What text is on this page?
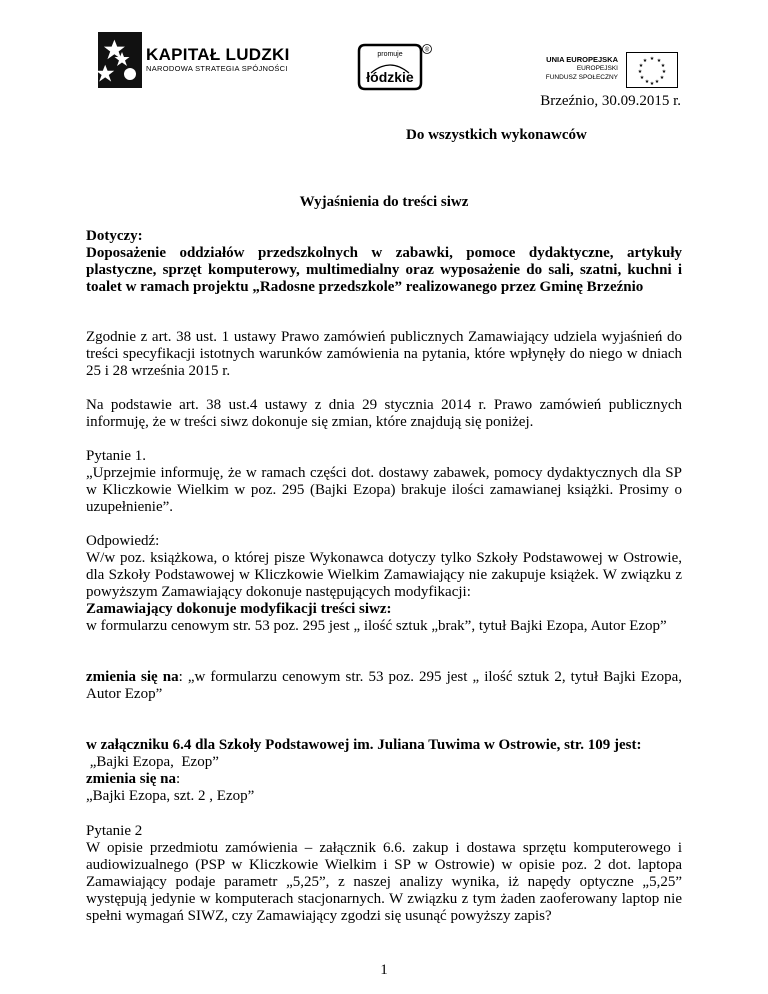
KAPITAŁ LUDZKI
NARODOWA STRATEGIA SPÓJNOŚCI
promuje
łódzkie
®
UNIA EUROPEJSKA
EUROPEJSKI
FUNDUSZ SPOŁECZNY
★ ★
★
★
★
★
★
★
★
★
★
★
Brzeźnio, 30.09.2015 r.
Do wszystkich wykonawców
Wyjaśnienia do treści siwz
Dotyczy:
Doposażenie oddziałów przedszkolnych w zabawki, pomoce dydaktyczne, artykuły plastyczne, sprzęt komputerowy, multimedialny oraz wyposażenie do sali, szatni, kuchni i toalet w ramach projektu „Radosne przedszkole” realizowanego przez Gminę Brzeźnio
Zgodnie z art. 38 ust. 1 ustawy Prawo zamówień publicznych Zamawiający udziela wyjaśnień do treści specyfikacji istotnych warunków zamówienia na pytania, które wpłynęły do niego w dniach 25 i 28 września 2015 r.
Na podstawie art. 38 ust.4 ustawy z dnia 29 stycznia 2014 r. Prawo zamówień publicznych informuję, że w treści siwz dokonuje się zmian, które znajdują się poniżej.
Pytanie 1.
„Uprzejmie informuję, że w ramach części dot. dostawy zabawek, pomocy dydaktycznych dla SP w Kliczkowie Wielkim w poz. 295 (Bajki Ezopa) brakuje ilości zamawianej książki. Prosimy o uzupełnienie”.
Odpowiedź:
W/w poz. książkowa, o której pisze Wykonawca dotyczy tylko Szkoły Podstawowej w Ostrowie, dla Szkoły Podstawowej w Kliczkowie Wielkim Zamawiający nie zakupuje książek. W związku z powyższym Zamawiający dokonuje następujących modyfikacji:
Zamawiający dokonuje modyfikacji treści siwz:
w formularzu cenowym str. 53 poz. 295 jest „ ilość sztuk „brak”, tytuł Bajki Ezopa, Autor Ezop”
zmienia się na: „w formularzu cenowym str. 53 poz. 295 jest „ ilość sztuk 2, tytuł Bajki Ezopa, Autor Ezop”
w załączniku 6.4 dla Szkoły Podstawowej im. Juliana Tuwima w Ostrowie, str. 109 jest:
„Bajki Ezopa,  Ezop”
zmienia się na:
„Bajki Ezopa, szt. 2 , Ezop”
Pytanie 2
W opisie przedmiotu zamówienia – załącznik 6.6. zakup i dostawa sprzętu komputerowego i audiowizualnego (PSP w Kliczkowie Wielkim i SP w Ostrowie) w opisie poz. 2 dot. laptopa Zamawiający podaje parametr „5,25”, z naszej analizy wynika, iż napędy optyczne „5,25” występują jedynie w komputerach stacjonarnych. W związku z tym żaden zaoferowany laptop nie spełni wymagań SIWZ, czy Zamawiający zgodzi się usunąć powyższy zapis?
1
